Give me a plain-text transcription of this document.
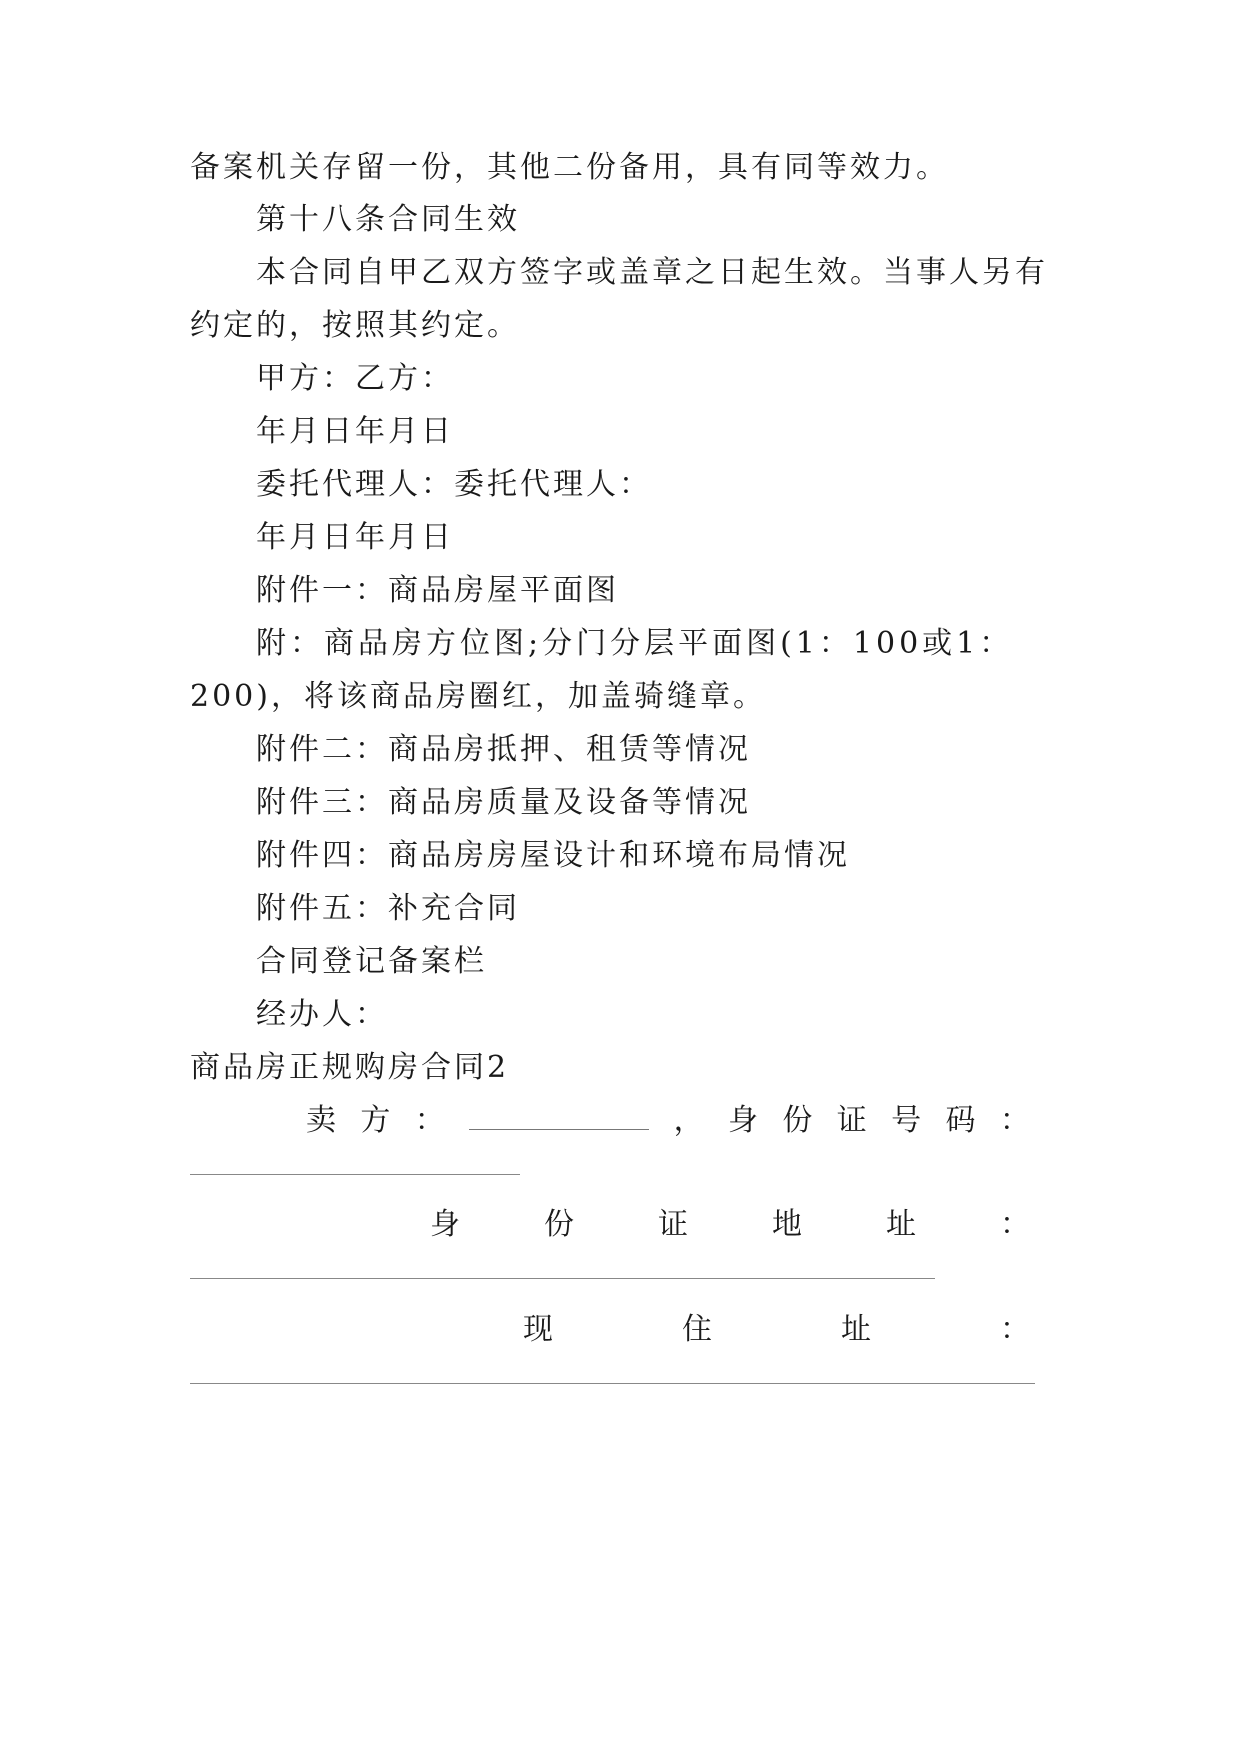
备案机关存留一份，其他二份备用，具有同等效力。
第十八条合同生效
本合同自甲乙双方签字或盖章之日起生效。当事人另有
约定的，按照其约定。
甲方：乙方：
年月日年月日
委托代理人：委托代理人：
年月日年月日
附件一：商品房屋平面图
附：商品房方位图;分门分层平面图(1：100或1：
200)，将该商品房圈红，加盖骑缝章。
附件二：商品房抵押、租赁等情况
附件三：商品房质量及设备等情况
附件四：商品房房屋设计和环境布局情况
附件五：补充合同
合同登记备案栏
经办人：
商品房正规购房合同2
卖 方 ：	， 身 份 证 号 码 ：
身	份	证	地	址	：
现	住	址	：
